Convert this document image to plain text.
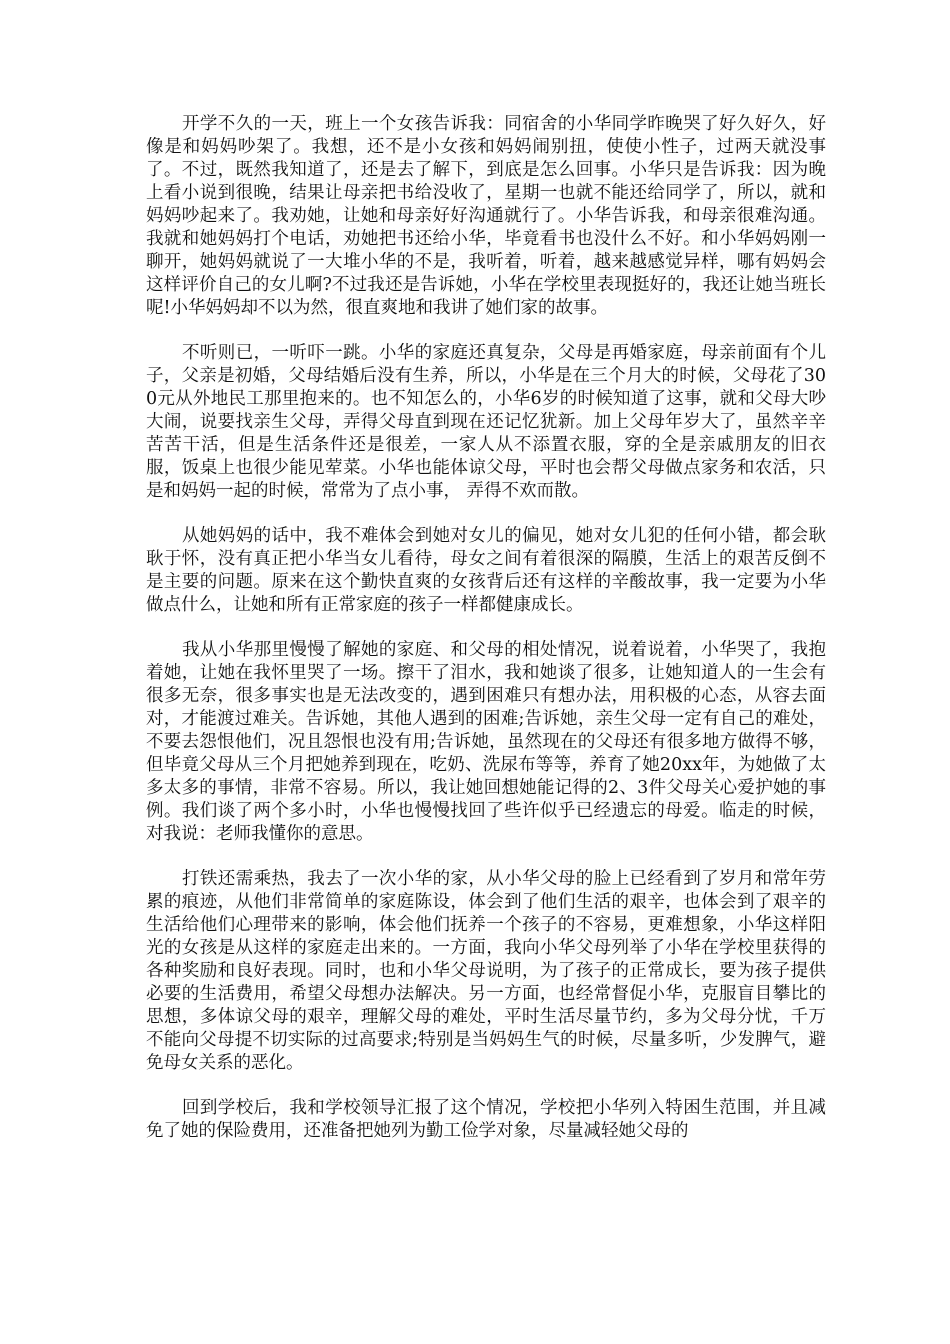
开学不久的一天，班上一个女孩告诉我：同宿舍的小华同学昨晚哭了好久好久，好像是和妈妈吵架了。我想，还不是小女孩和妈妈闹别扭，使使小性子，过两天就没事了。不过，既然我知道了，还是去了解下，到底是怎么回事。小华只是告诉我：因为晚上看小说到很晚，结果让母亲把书给没收了，星期一也就不能还给同学了，所以，就和妈妈吵起来了。我劝她，让她和母亲好好沟通就行了。小华告诉我，和母亲很难沟通。我就和她妈妈打个电话，劝她把书还给小华，毕竟看书也没什么不好。和小华妈妈刚一聊开，她妈妈就说了一大堆小华的不是，我听着，听着，越来越感觉异样，哪有妈妈会这样评价自己的女儿啊?不过我还是告诉她，小华在学校里表现挺好的，我还让她当班长呢!小华妈妈却不以为然，很直爽地和我讲了她们家的故事。

不听则已，一听吓一跳。小华的家庭还真复杂，父母是再婚家庭，母亲前面有个儿子，父亲是初婚，父母结婚后没有生养，所以，小华是在三个月大的时候，父母花了300元从外地民工那里抱来的。也不知怎么的，小华6岁的时候知道了这事，就和父母大吵大闹，说要找亲生父母，弄得父母直到现在还记忆犹新。加上父母年岁大了，虽然辛辛苦苦干活，但是生活条件还是很差，一家人从不添置衣服，穿的全是亲戚朋友的旧衣服，饭桌上也很少能见荤菜。小华也能体谅父母，平时也会帮父母做点家务和农活，只是和妈妈一起的时候，常常为了点小事， 弄得不欢而散。

从她妈妈的话中，我不难体会到她对女儿的偏见，她对女儿犯的任何小错，都会耿耿于怀，没有真正把小华当女儿看待，母女之间有着很深的隔膜，生活上的艰苦反倒不是主要的问题。原来在这个勤快直爽的女孩背后还有这样的辛酸故事，我一定要为小华做点什么，让她和所有正常家庭的孩子一样都健康成长。

我从小华那里慢慢了解她的家庭、和父母的相处情况，说着说着，小华哭了，我抱着她，让她在我怀里哭了一场。擦干了泪水，我和她谈了很多，让她知道人的一生会有很多无奈，很多事实也是无法改变的，遇到困难只有想办法，用积极的心态，从容去面对，才能渡过难关。告诉她，其他人遇到的困难;告诉她，亲生父母一定有自己的难处，不要去怨恨他们，况且怨恨也没有用;告诉她，虽然现在的父母还有很多地方做得不够，但毕竟父母从三个月把她养到现在，吃奶、洗尿布等等，养育了她20xx年，为她做了太多太多的事情，非常不容易。所以，我让她回想她能记得的2、3件父母关心爱护她的事例。我们谈了两个多小时，小华也慢慢找回了些许似乎已经遗忘的母爱。临走的时候，对我说：老师我懂你的意思。

打铁还需乘热，我去了一次小华的家，从小华父母的脸上已经看到了岁月和常年劳累的痕迹，从他们非常简单的家庭陈设，体会到了他们生活的艰辛，也体会到了艰辛的生活给他们心理带来的影响，体会他们抚养一个孩子的不容易，更难想象，小华这样阳光的女孩是从这样的家庭走出来的。一方面，我向小华父母列举了小华在学校里获得的各种奖励和良好表现。同时，也和小华父母说明，为了孩子的正常成长，要为孩子提供必要的生活费用，希望父母想办法解决。另一方面，也经常督促小华，克服盲目攀比的思想，多体谅父母的艰辛，理解父母的难处，平时生活尽量节约，多为父母分忧，千万不能向父母提不切实际的过高要求;特别是当妈妈生气的时候，尽量多听，少发脾气，避免母女关系的恶化。

回到学校后，我和学校领导汇报了这个情况，学校把小华列入特困生范围，并且减免了她的保险费用，还准备把她列为勤工俭学对象，尽量减轻她父母的
